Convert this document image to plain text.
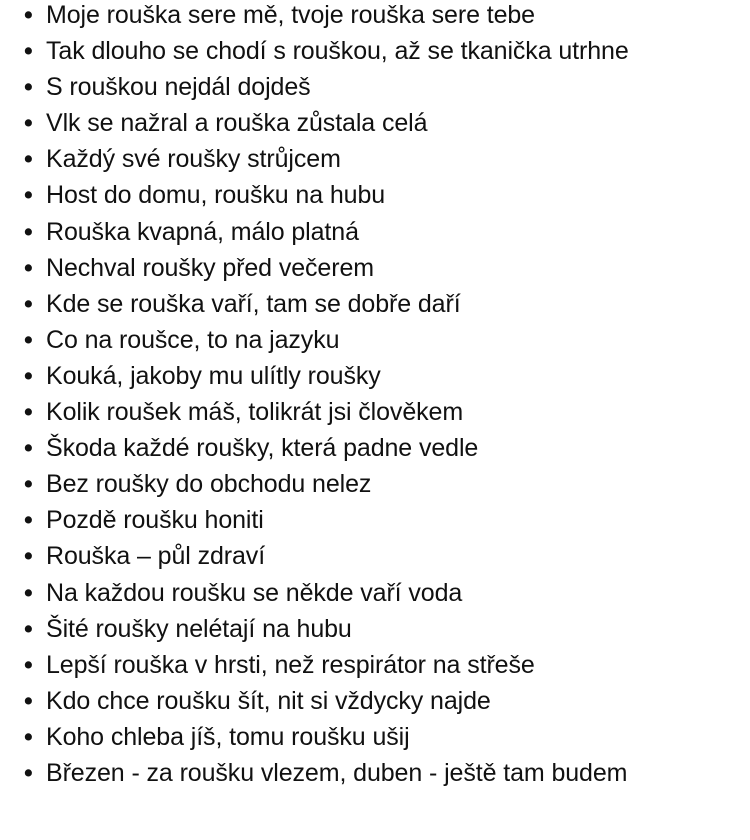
• Moje rouška sere mě, tvoje rouška sere tebe
• Tak dlouho se chodí s rouškou, až se tkanička utrhne
• S rouškou nejdál dojdeš
• Vlk se nažral a rouška zůstala celá
• Každý své roušky strůjcem
• Host do domu, roušku na hubu
• Rouška kvapná, málo platná
• Nechval roušky před večerem
• Kde se rouška vaří, tam se dobře daří
• Co na roušce, to na jazyku
• Kouká, jakoby mu ulítly roušky
• Kolik roušek máš, tolikrát jsi člověkem
• Škoda každé roušky, která padne vedle
• Bez roušky do obchodu nelez
• Pozdě roušku honiti
• Rouška – půl zdraví
• Na každou roušku se někde vaří voda
• Šité roušky nelétají na hubu
• Lepší rouška v hrsti, než respirátor na střeše
• Kdo chce roušku šít, nit si vždycky najde
• Koho chleba jíš, tomu roušku ušij
• Březen - za roušku vlezem, duben - ještě tam budem
